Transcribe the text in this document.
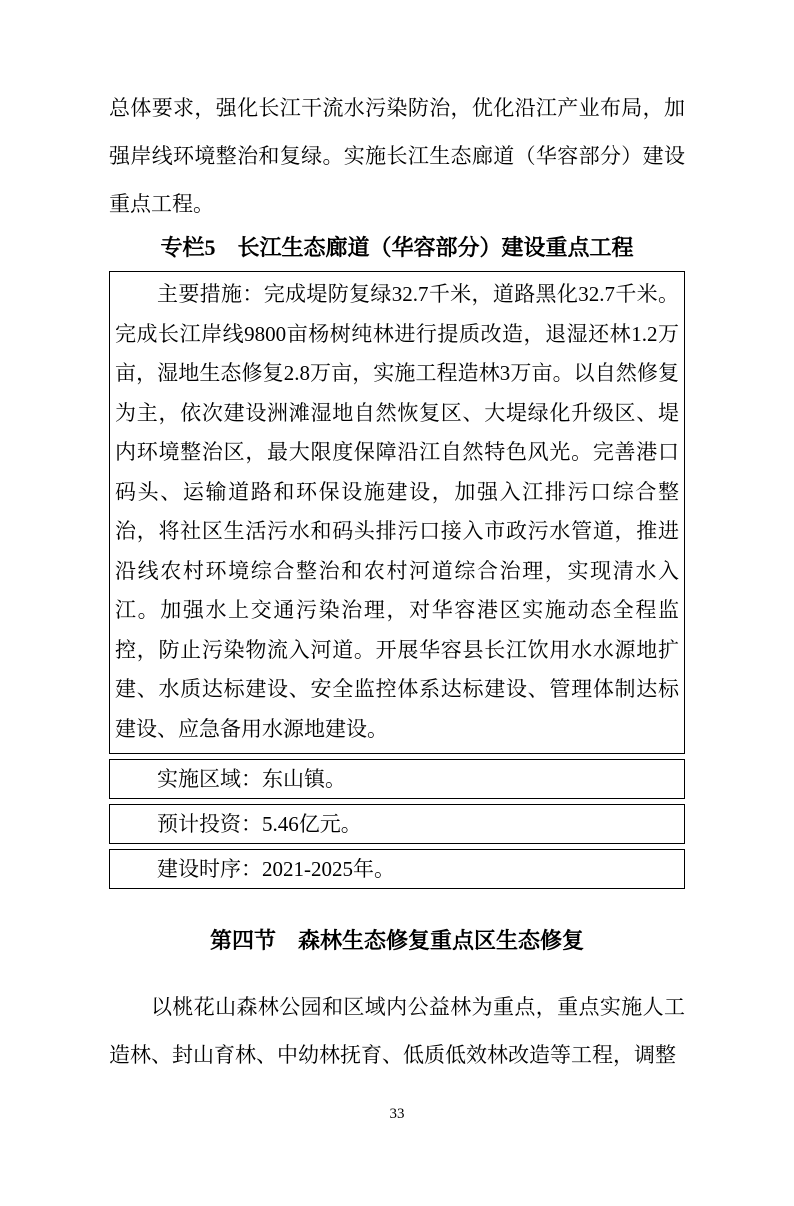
总体要求，强化长江干流水污染防治，优化沿江产业布局，加强岸线环境整治和复绿。实施长江生态廊道（华容部分）建设重点工程。

专栏5　长江生态廊道（华容部分）建设重点工程

主要措施：完成堤防复绿32.7千米，道路黑化32.7千米。完成长江岸线9800亩杨树纯林进行提质改造，退湿还林1.2万亩，湿地生态修复2.8万亩，实施工程造林3万亩。以自然修复为主，依次建设洲滩湿地自然恢复区、大堤绿化升级区、堤内环境整治区，最大限度保障沿江自然特色风光。完善港口码头、运输道路和环保设施建设，加强入江排污口综合整治，将社区生活污水和码头排污口接入市政污水管道，推进沿线农村环境综合整治和农村河道综合治理，实现清水入江。加强水上交通污染治理，对华容港区实施动态全程监控，防止污染物流入河道。开展华容县长江饮用水水源地扩建、水质达标建设、安全监控体系达标建设、管理体制达标建设、应急备用水源地建设。

实施区域：东山镇。

预计投资：5.46亿元。

建设时序：2021-2025年。

第四节　森林生态修复重点区生态修复

以桃花山森林公园和区域内公益林为重点，重点实施人工造林、封山育林、中幼林抚育、低质低效林改造等工程，调整

33
